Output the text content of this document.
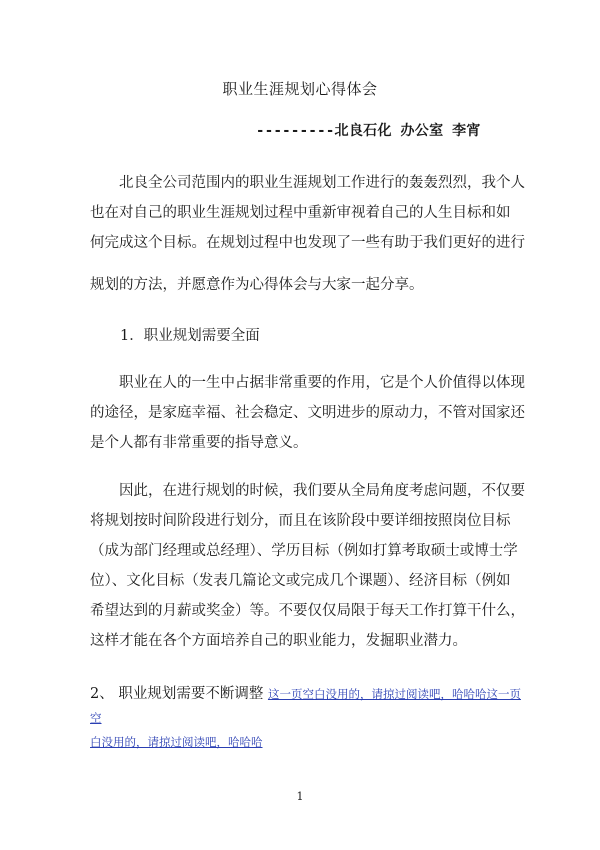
职业生涯规划心得体会
---------北良石化 办公室 李宵
北良全公司范围内的职业生涯规划工作进行的轰轰烈烈，我个人
也在对自己的职业生涯规划过程中重新审视着自己的人生目标和如
何完成这个目标。在规划过程中也发现了一些有助于我们更好的进行
规划的方法，并愿意作为心得体会与大家一起分享。
1．职业规划需要全面
职业在人的一生中占据非常重要的作用，它是个人价值得以体现
的途径，是家庭幸福、社会稳定、文明进步的原动力，不管对国家还
是个人都有非常重要的指导意义。
因此，在进行规划的时候，我们要从全局角度考虑问题，不仅要
将规划按时间阶段进行划分，而且在该阶段中要详细按照岗位目标
（成为部门经理或总经理）、学历目标（例如打算考取硕士或博士学
位）、文化目标（发表几篇论文或完成几个课题）、经济目标（例如
希望达到的月薪或奖金）等。不要仅仅局限于每天工作打算干什么，
这样才能在各个方面培养自己的职业能力，发掘职业潜力。
2、 职业规划需要不断调整 这一页空白没用的，请掠过阅读吧，哈哈哈这一页空
白没用的，请掠过阅读吧，哈哈哈
1
